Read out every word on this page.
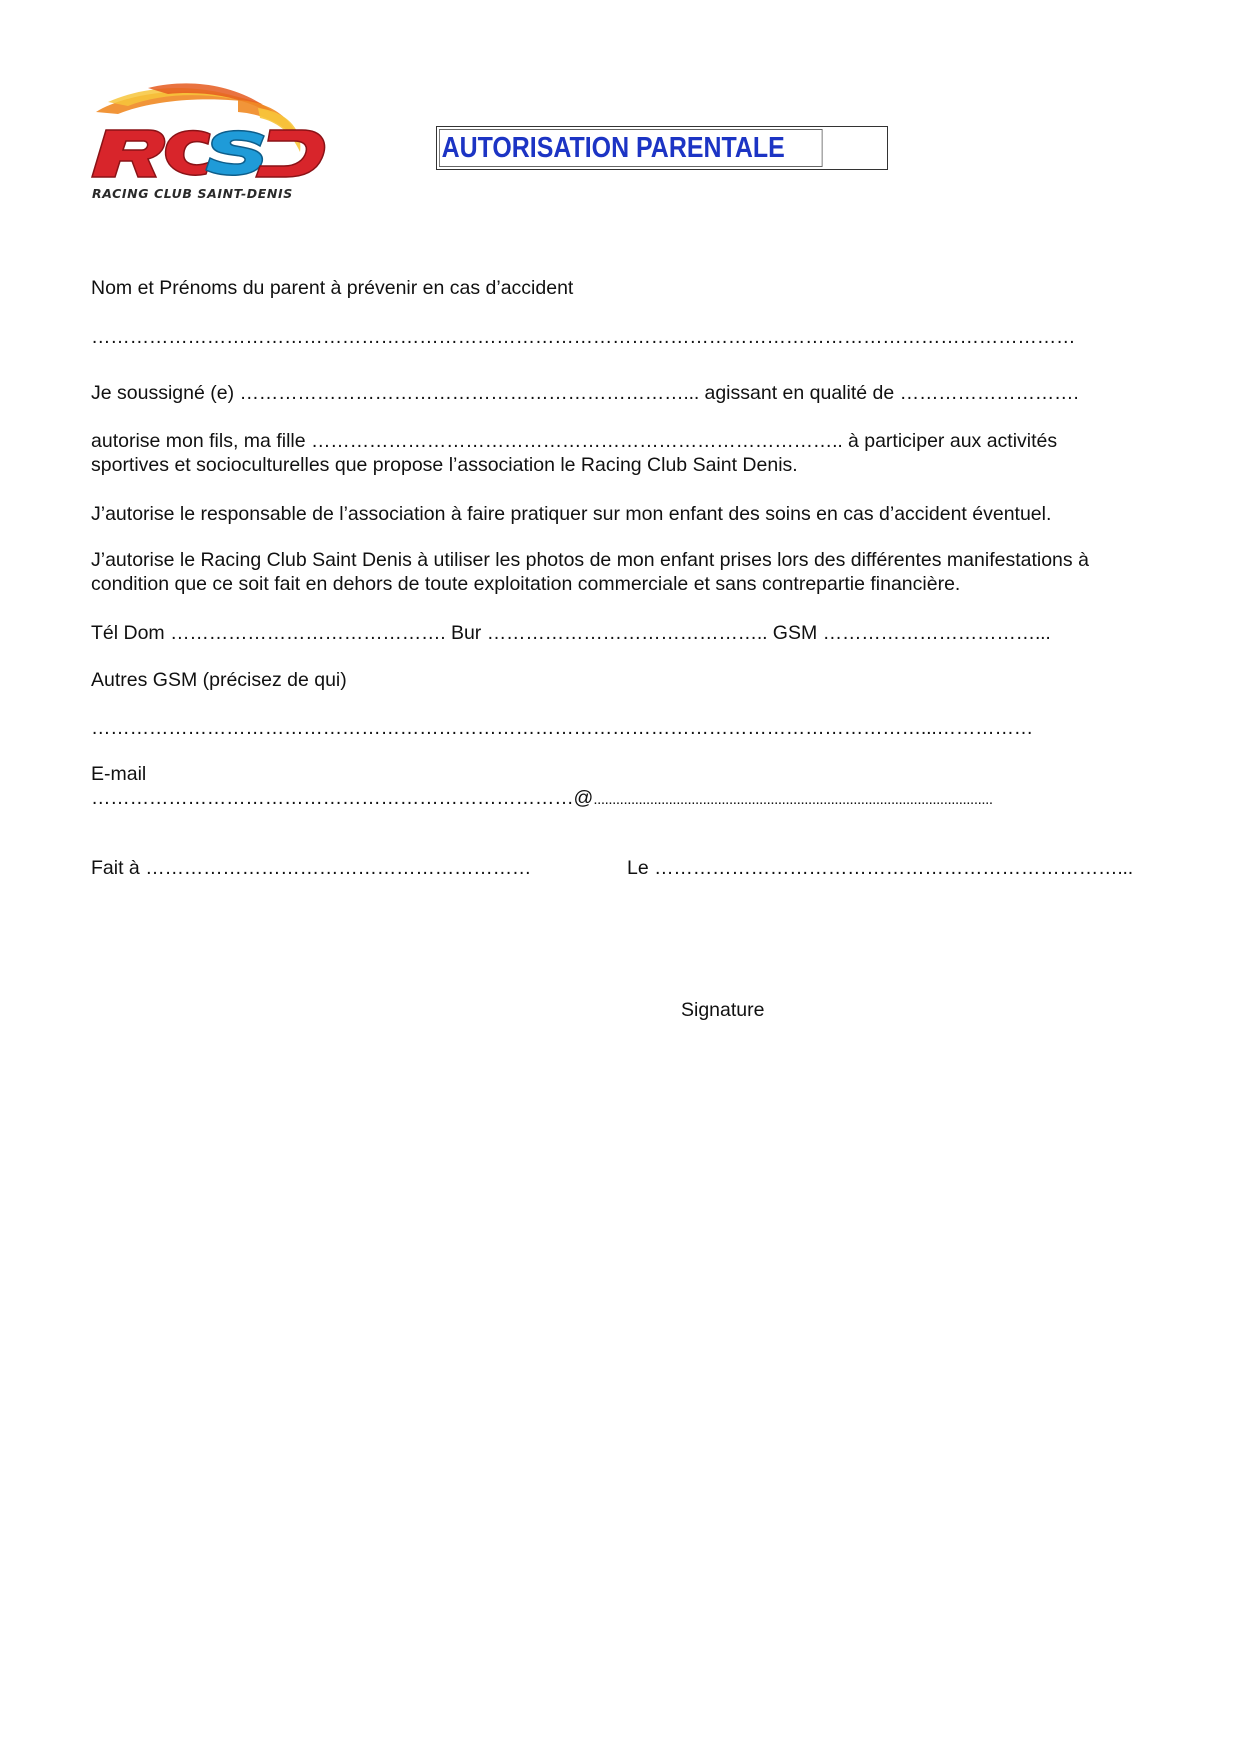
RACING CLUB SAINT-DENIS
AUTORISATION PARENTALE
Nom et Prénoms du parent à prévenir en cas d’accident
………………………………………………………………………………………………………………………………………
Je soussigné (e) ……………………………………………………………... agissant en qualité de ……………………….
autorise mon fils, ma fille ……………………………………………………………………….. à participer aux activités
sportives et socioculturelles que propose l’association le Racing Club Saint Denis.
J’autorise le responsable de l’association à faire pratiquer sur mon enfant des soins en cas d’accident éventuel.
J’autorise le Racing Club Saint Denis à utiliser les photos de mon enfant prises lors des différentes manifestations à
condition que ce soit fait en dehors de toute exploitation commerciale et sans contrepartie financière.
Tél Dom ……………………………………. Bur …………………………………….. GSM ……………………………...
Autres GSM (précisez de qui)
…………………………………………………………………………………………………………………...……………
E-mail
…………………………………………………………………@..........................................................................................................
Fait à ……………………………………………………	Le ………………………………………………………………...
Signature
